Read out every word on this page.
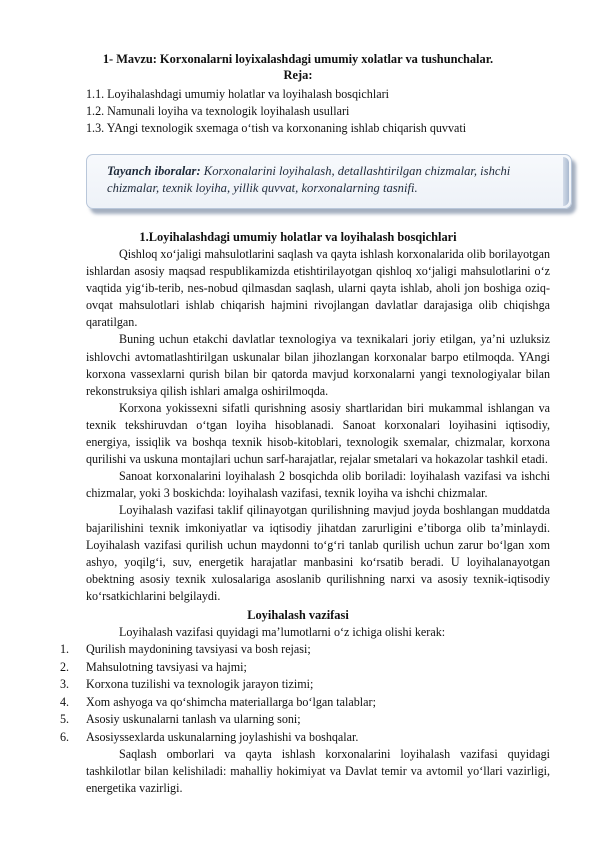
1- Mavzu: Korxonalarni loyixalashdagi umumiy xolatlar va tushunchalar.
Reja:
1.1. Loyihalashdagi umumiy holatlar va loyihalash bosqichlari
1.2. Namunali loyiha va texnologik loyihalash usullari
1.3. YAngi texnologik sxemaga oʻtish va korxonaning ishlab chiqarish quvvati
Tayanch iboralar: Korxonalarini loyihalash, detallashtirilgan chizmalar, ishchi chizmalar, texnik loyiha, yillik quvvat, korxonalarning tasnifi.
1.Loyihalashdagi umumiy holatlar va loyihalash bosqichlari

Qishloq xoʻjaligi mahsulotlarini saqlash va qayta ishlash korxonalarida olib borilayotgan ishlardan asosiy maqsad respublikamizda etishtirilayotgan qishloq xoʻjaligi mahsulotlarini oʻz vaqtida yigʻib-terib, nes-nobud qilmasdan saqlash, ularni qayta ishlab, aholi jon boshiga oziq-ovqat mahsulotlari ishlab chiqarish hajmini rivojlangan davlatlar darajasiga olib chiqishga qaratilgan.

Buning uchun etakchi davlatlar texnologiya va texnikalari joriy etilgan, yaʼni uzluksiz ishlovchi avtomatlashtirilgan uskunalar bilan jihozlangan korxonalar barpo etilmoqda. YAngi korxona vassexlarni qurish bilan bir qatorda mavjud korxonalarni yangi texnologiyalar bilan rekonstruksiya qilish ishlari amalga oshirilmoqda.

Korxona yokissexni sifatli qurishning asosiy shartlaridan biri mukammal ishlangan va texnik tekshiruvdan oʻtgan loyiha hisoblanadi. Sanoat korxonalari loyihasini iqtisodiy, energiya, issiqlik va boshqa texnik hisob-kitoblari, texnologik sxemalar, chizmalar, korxona qurilishi va uskuna montajlari uchun sarf-harajatlar, rejalar smetalari va hokazolar tashkil etadi.

Sanoat korxonalarini loyihalash 2 bosqichda olib boriladi: loyihalash vazifasi va ishchi chizmalar, yoki 3 boskichda: loyihalash vazifasi, texnik loyiha va ishchi chizmalar.

Loyihalash vazifasi taklif qilinayotgan qurilishning mavjud joyda boshlangan muddatda bajarilishini texnik imkoniyatlar va iqtisodiy jihatdan zarurligini eʼtiborga olib taʼminlaydi. Loyihalash vazifasi qurilish uchun maydonni toʻgʻri tanlab qurilish uchun zarur boʻlgan xom ashyo, yoqilgʻi, suv, energetik harajatlar manbasini koʻrsatib beradi. U loyihalanayotgan obektning asosiy texnik xulosalariga asoslanib qurilishning narxi va asosiy texnik-iqtisodiy koʻrsatkichlarini belgilaydi.

Loyihalash vazifasi

Loyihalash vazifasi quyidagi maʼlumotlarni oʻz ichiga olishi kerak:

1. Qurilish maydonining tavsiyasi va bosh rejasi;
2. Mahsulotning tavsiyasi va hajmi;
3. Korxona tuzilishi va texnologik jarayon tizimi;
4. Xom ashyoga va qoʻshimcha materiallarga boʻlgan talablar;
5. Asosiy uskunalarni tanlash va ularning soni;
6. Asosiyssexlarda uskunalarning joylashishi va boshqalar.

Saqlash omborlari va qayta ishlash korxonalarini loyihalash vazifasi quyidagi tashkilotlar bilan kelishiladi: mahalliy hokimiyat va Davlat temir va avtomil yoʻllari vazirligi, energetika vazirligi.
